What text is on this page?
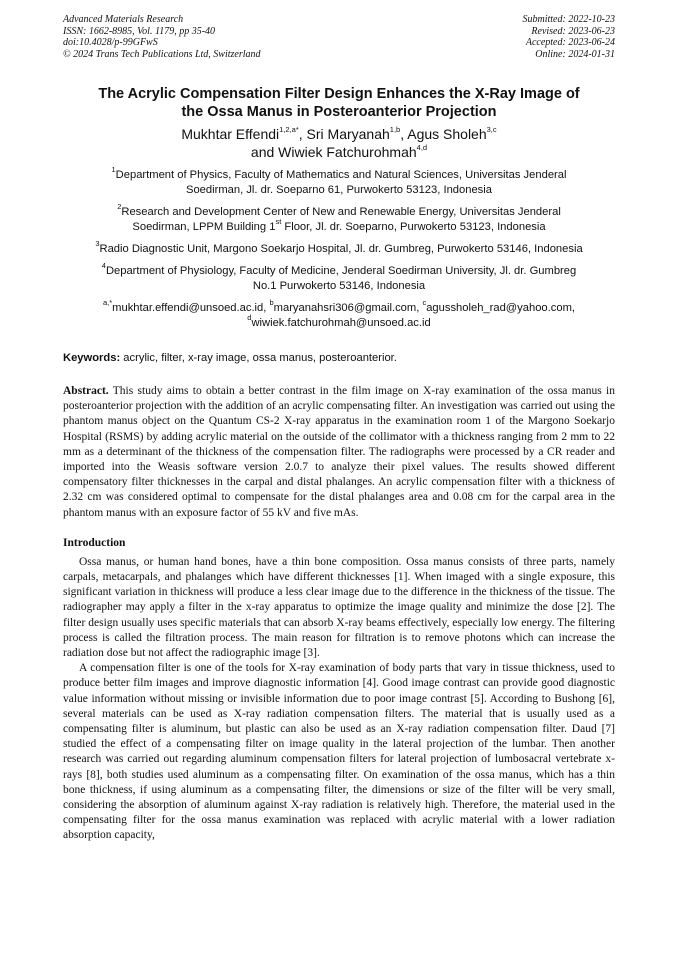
Advanced Materials Research
ISSN: 1662-8985, Vol. 1179, pp 35-40
doi:10.4028/p-99GFwS
© 2024 Trans Tech Publications Ltd, Switzerland
Submitted: 2022-10-23
Revised: 2023-06-23
Accepted: 2023-06-24
Online: 2024-01-31
The Acrylic Compensation Filter Design Enhances the X-Ray Image of
the Ossa Manus in Posteroanterior Projection
Mukhtar Effendi$^{1,2,a*}$, Sri Maryanah$^{1,b}$, Agus Sholeh$^{3,c}$
and Wiwiek Fatchurohmah$^{4,d}$
$^1$Department of Physics, Faculty of Mathematics and Natural Sciences, Universitas Jenderal
Soedirman, Jl. dr. Soeparno 61, Purwokerto 53123, Indonesia
$^2$Research and Development Center of New and Renewable Energy, Universitas Jenderal
Soedirman, LPPM Building 1st Floor, Jl. dr. Soeparno, Purwokerto 53123, Indonesia
$^3$Radio Diagnostic Unit, Margono Soekarjo Hospital, Jl. dr. Gumbreg, Purwokerto 53146, Indonesia
$^4$Department of Physiology, Faculty of Medicine, Jenderal Soedirman University, Jl. dr. Gumbreg
No.1 Purwokerto 53146, Indonesia
$^{a,*}$mukhtar.effendi@unsoed.ac.id, $^b$maryanahsri306@gmail.com, $^c$agussholeh_rad@yahoo.com,
$^d$wiwiek.fatchurohmah@unsoed.ac.id
Keywords: acrylic, filter, x-ray image, ossa manus, posteroanterior.
Abstract. This study aims to obtain a better contrast in the film image on X-ray examination of the ossa manus in posteroanterior projection with the addition of an acrylic compensating filter. An investigation was carried out using the phantom manus object on the Quantum CS-2 X-ray apparatus in the examination room 1 of the Margono Soekarjo Hospital (RSMS) by adding acrylic material on the outside of the collimator with a thickness ranging from 2 mm to 22 mm as a determinant of the thickness of the compensation filter. The radiographs were processed by a CR reader and imported into the Weasis software version 2.0.7 to analyze their pixel values. The results showed different compensatory filter thicknesses in the carpal and distal phalanges. An acrylic compensation filter with a thickness of 2.32 cm was considered optimal to compensate for the distal phalanges area and 0.08 cm for the carpal area in the phantom manus with an exposure factor of 55 kV and five mAs.
Introduction

Ossa manus, or human hand bones, have a thin bone composition. Ossa manus consists of three parts, namely carpals, metacarpals, and phalanges which have different thicknesses [1]. When imaged with a single exposure, this significant variation in thickness will produce a less clear image due to the difference in the thickness of the tissue. The radiographer may apply a filter in the x-ray apparatus to optimize the image quality and minimize the dose [2]. The filter design usually uses specific materials that can absorb X-ray beams effectively, especially low energy. The filtering process is called the filtration process. The main reason for filtration is to remove photons which can increase the radiation dose but not affect the radiographic image [3].

A compensation filter is one of the tools for X-ray examination of body parts that vary in tissue thickness, used to produce better film images and improve diagnostic information [4]. Good image contrast can provide good diagnostic value information without missing or invisible information due to poor image contrast [5]. According to Bushong [6], several materials can be used as X-ray radiation compensation filters. The material that is usually used as a compensating filter is aluminum, but plastic can also be used as an X-ray radiation compensation filter. Daud [7] studied the effect of a compensating filter on image quality in the lateral projection of the lumbar. Then another research was carried out regarding aluminum compensation filters for lateral projection of lumbosacral vertebrate x-rays [8], both studies used aluminum as a compensating filter. On examination of the ossa manus, which has a thin bone thickness, if using aluminum as a compensating filter, the dimensions or size of the filter will be very small, considering the absorption of aluminum against X-ray radiation is relatively high. Therefore, the material used in the compensating filter for the ossa manus examination was replaced with acrylic material with a lower radiation absorption capacity,
